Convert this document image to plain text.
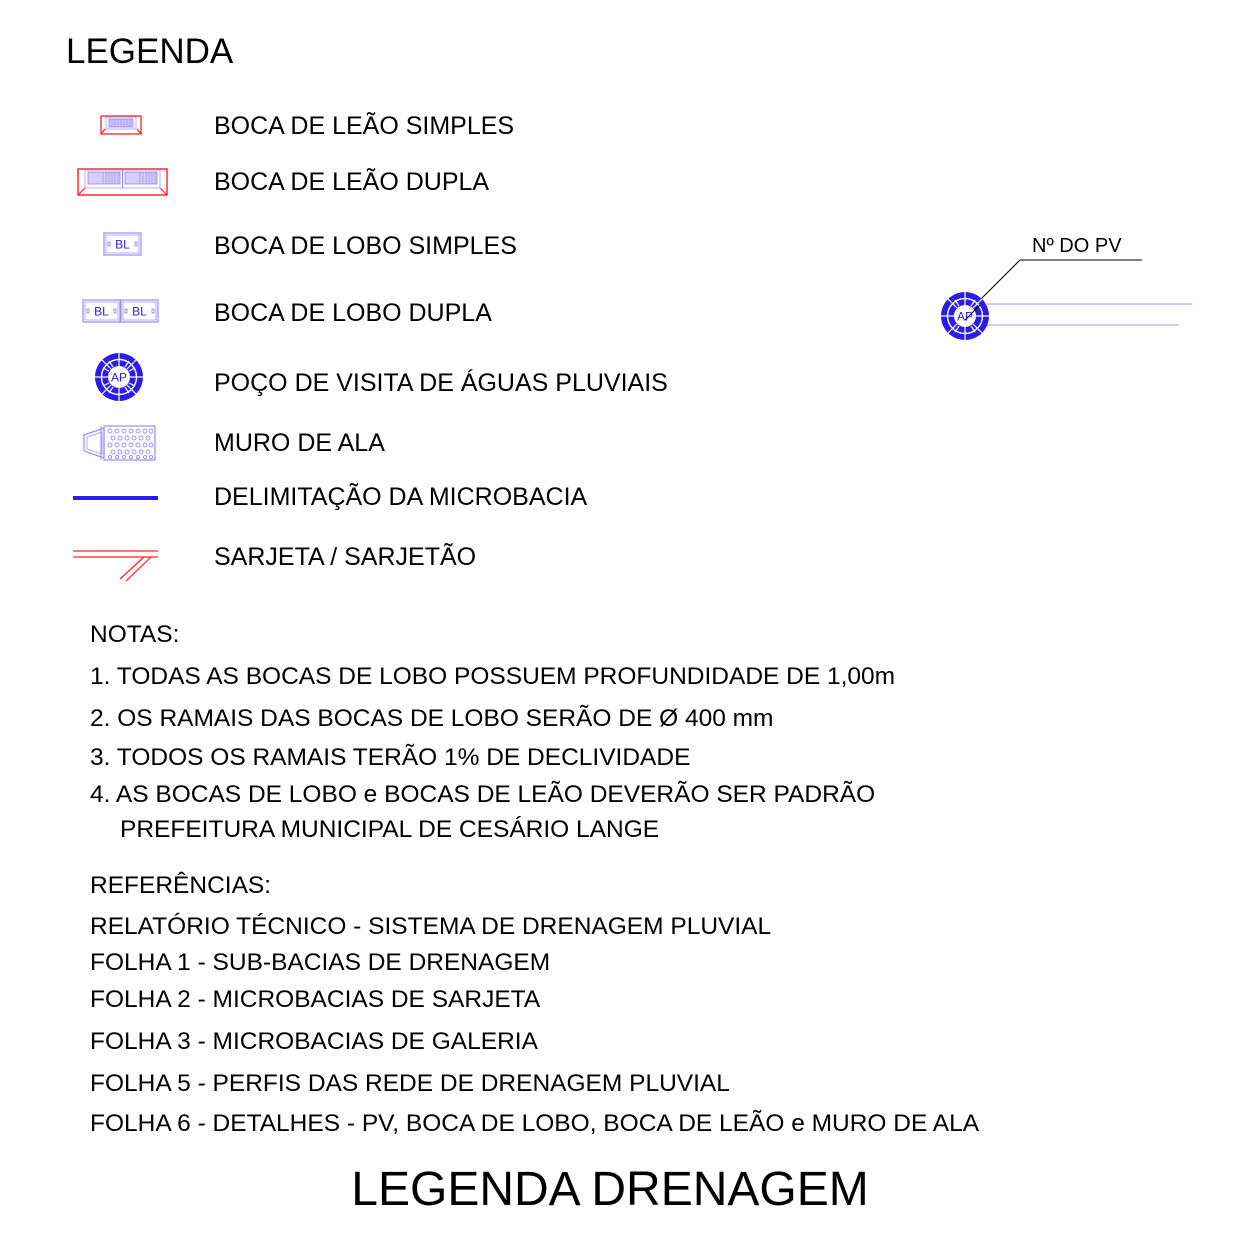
LEGENDA
BOCA DE LEÃO SIMPLES
BOCA DE LEÃO DUPLA
BL	BOCA DE LOBO SIMPLES
BL BL	BOCA DE LOBO DUPLA
AP	POÇO DE VISITA DE ÁGUAS PLUVIAIS
MURO DE ALA
DELIMITAÇÃO DA MICROBACIA
SARJETA / SARJETÃO
Nº DO PV
AP
NOTAS:
1. TODAS AS BOCAS DE LOBO POSSUEM PROFUNDIDADE DE 1,00m
2. OS RAMAIS DAS BOCAS DE LOBO SERÃO DE Ø 400 mm
3. TODOS OS RAMAIS TERÃO 1% DE DECLIVIDADE
4. AS BOCAS DE LOBO e BOCAS DE LEÃO DEVERÃO SER PADRÃO
PREFEITURA MUNICIPAL DE CESÁRIO LANGE
REFERÊNCIAS:
RELATÓRIO TÉCNICO - SISTEMA DE DRENAGEM PLUVIAL
FOLHA 1 - SUB-BACIAS DE DRENAGEM
FOLHA 2 - MICROBACIAS DE SARJETA
FOLHA 3 - MICROBACIAS DE GALERIA
FOLHA 5 - PERFIS DAS REDE DE DRENAGEM PLUVIAL
FOLHA 6 - DETALHES - PV, BOCA DE LOBO, BOCA DE LEÃO e MURO DE ALA
LEGENDA DRENAGEM
